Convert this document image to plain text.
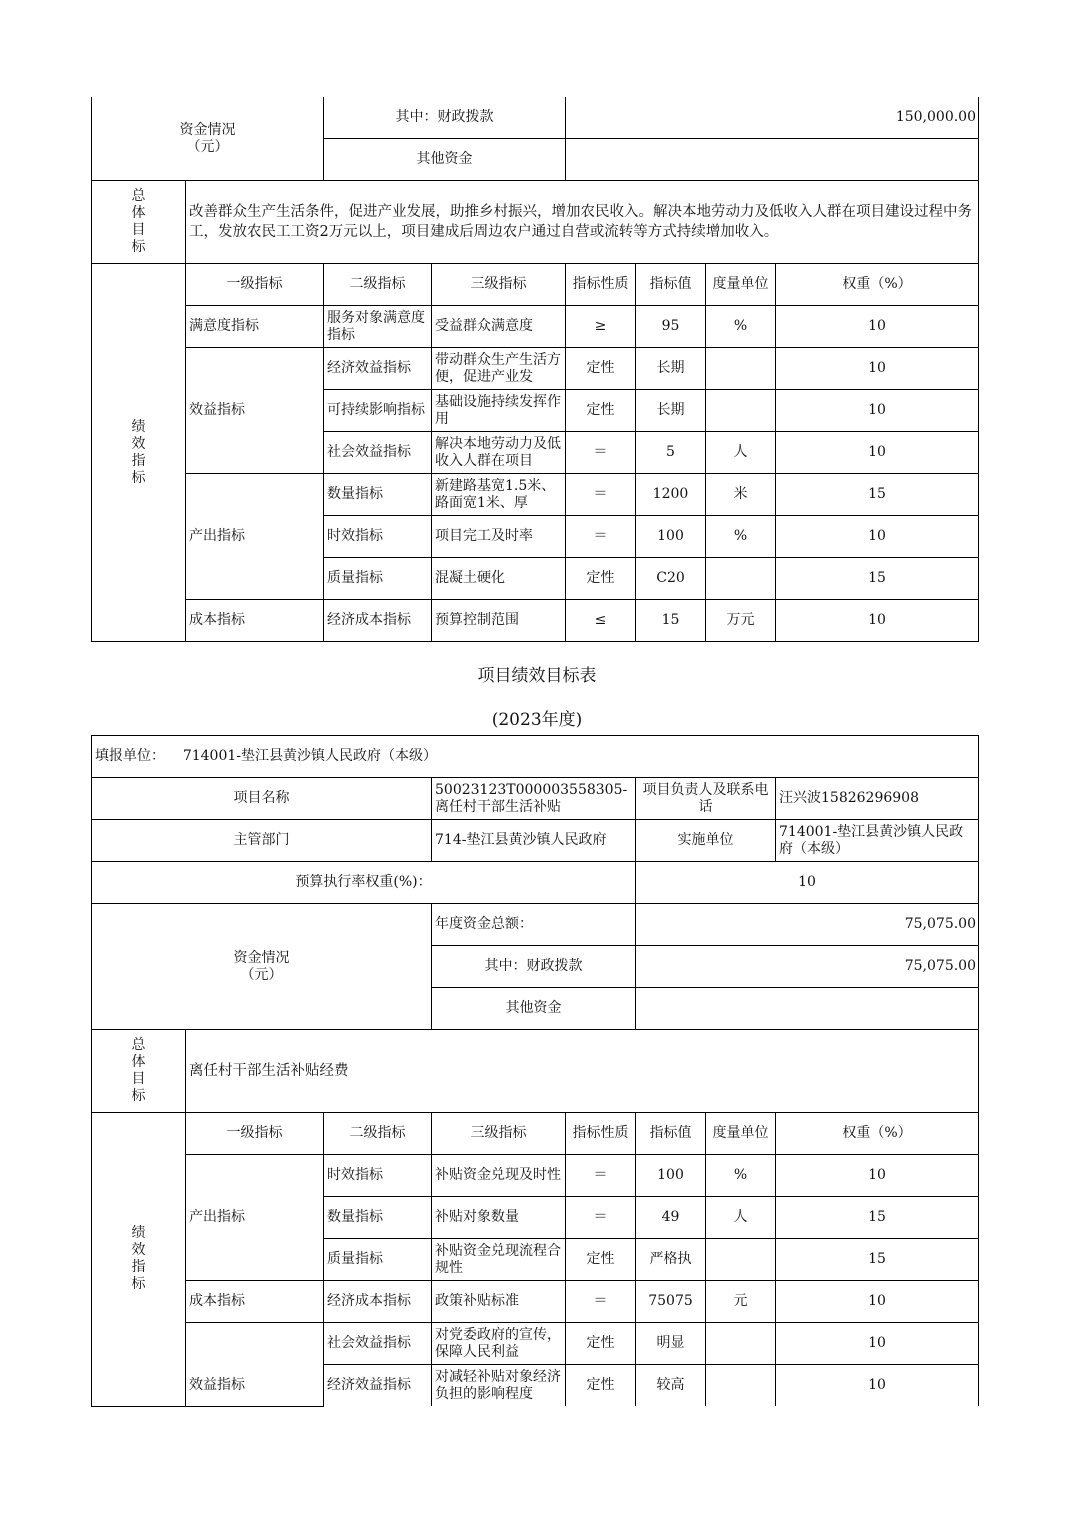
资金情况
（元）		其中：财政拨款		150,000.00			
		其他资金					

总
体
目
标	改善群众生产生活条件，促进产业发展，助推乡村振兴，增加农民收入。解决本地劳动力及低收入人群在项目建设过程中务工，发放农民工工资2万元以上，项目建成后周边农户通过自营或流转等方式持续增加收入。						

绩
效
指
标	一级指标	二级指标	三级指标	指标性质	指标值	度量单位	权重（%）
	满意度指标	服务对象满意度指标	受益群众满意度	≥	95	%	10
	效益指标	经济效益指标	带动群众生产生活方便，促进产业发	定性	长期		10
		可持续影响指标	基础设施持续发挥作用	定性	长期		10
		社会效益指标	解决本地劳动力及低收入人群在项目	＝	5	人	10
	产出指标	数量指标	新建路基宽1.5米、路面宽1米、厚	＝	1200	米	15
		时效指标	项目完工及时率	＝	100	%	10
		质量指标	混凝土硬化	定性	C20		15
	成本指标	经济成本指标	预算控制范围	≤	15	万元	10
项目绩效目标表
(2023年度)
填报单位： 714001-垫江县黄沙镇人民政府（本级）							
项目名称			50023123T000003558305-离任村干部生活补贴		项目负责人及联系电话		汪兴波15826296908
主管部门			714-垫江县黄沙镇人民政府		实施单位		714001-垫江县黄沙镇人民政府（本级）
预算执行率权重(%)：					10		

资金情况
（元）			年度资金总额：		75,075.00		
			其中：财政拨款		75,075.00		
			其他资金				

总
体
目
标	离任村干部生活补贴经费						

绩
效
指
标	一级指标	二级指标	三级指标	指标性质	指标值	度量单位	权重（%）
	产出指标	时效指标	补贴资金兑现及时性	＝	100	%	10
		数量指标	补贴对象数量	＝	49	人	15
		质量指标	补贴资金兑现流程合规性	定性	严格执		15
	成本指标	经济成本指标	政策补贴标准	＝	75075	元	10
	效益指标	社会效益指标	对党委政府的宣传，保障人民利益	定性	明显		10
		经济效益指标	对减轻补贴对象经济负担的影响程度	定性	较高		10
